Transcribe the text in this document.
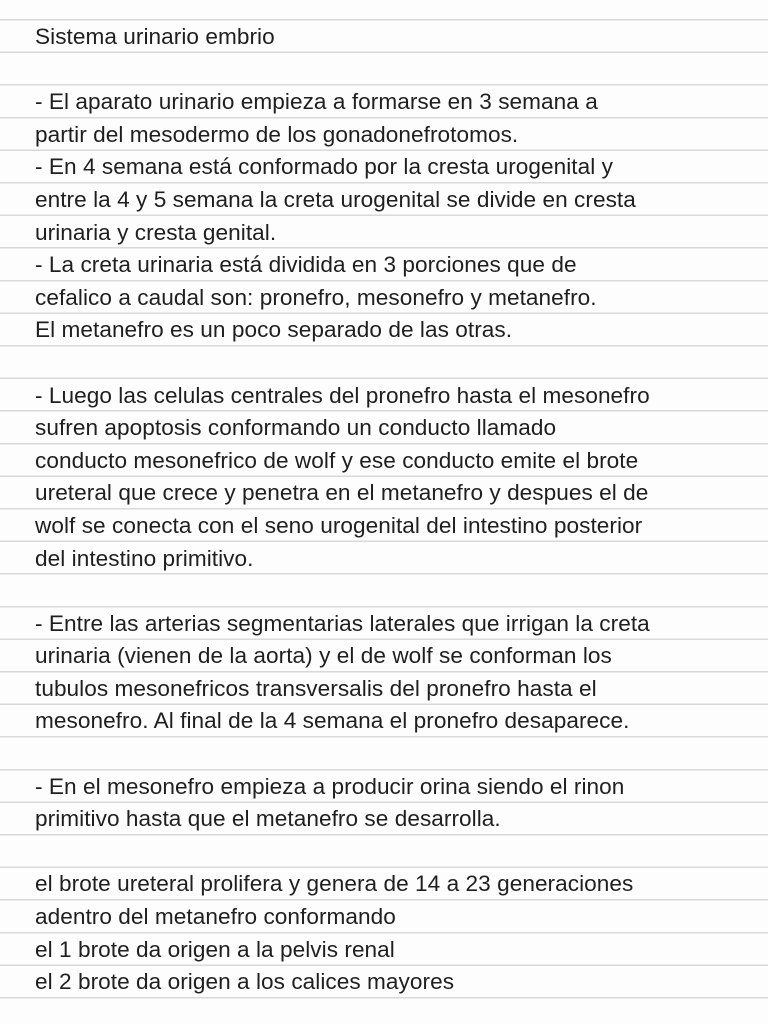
Sistema urinario embrio
- El aparato urinario empieza a formarse en 3 semana a
partir del mesodermo de los gonadonefrotomos.
- En 4 semana está conformado por la cresta urogenital y
entre la 4 y 5 semana la creta urogenital se divide en cresta
urinaria y cresta genital.
- La creta urinaria está dividida en 3 porciones que de
cefalico a caudal son: pronefro, mesonefro y metanefro.
El metanefro es un poco separado de las otras.
- Luego las celulas centrales del pronefro hasta el mesonefro
sufren apoptosis conformando un conducto llamado
conducto mesonefrico de wolf y ese conducto emite el brote
ureteral que crece y penetra en el metanefro y despues el de
wolf se conecta con el seno urogenital del intestino posterior
del intestino primitivo.
- Entre las arterias segmentarias laterales que irrigan la creta
urinaria (vienen de la aorta) y el de wolf se conforman los
tubulos mesonefricos transversalis del pronefro hasta el
mesonefro. Al final de la 4 semana el pronefro desaparece.
- En el mesonefro empieza a producir orina siendo el rinon
primitivo hasta que el metanefro se desarrolla.
el brote ureteral prolifera y genera de 14 a 23 generaciones
adentro del metanefro conformando
el 1 brote da origen a la pelvis renal
el 2 brote da origen a los calices mayores
